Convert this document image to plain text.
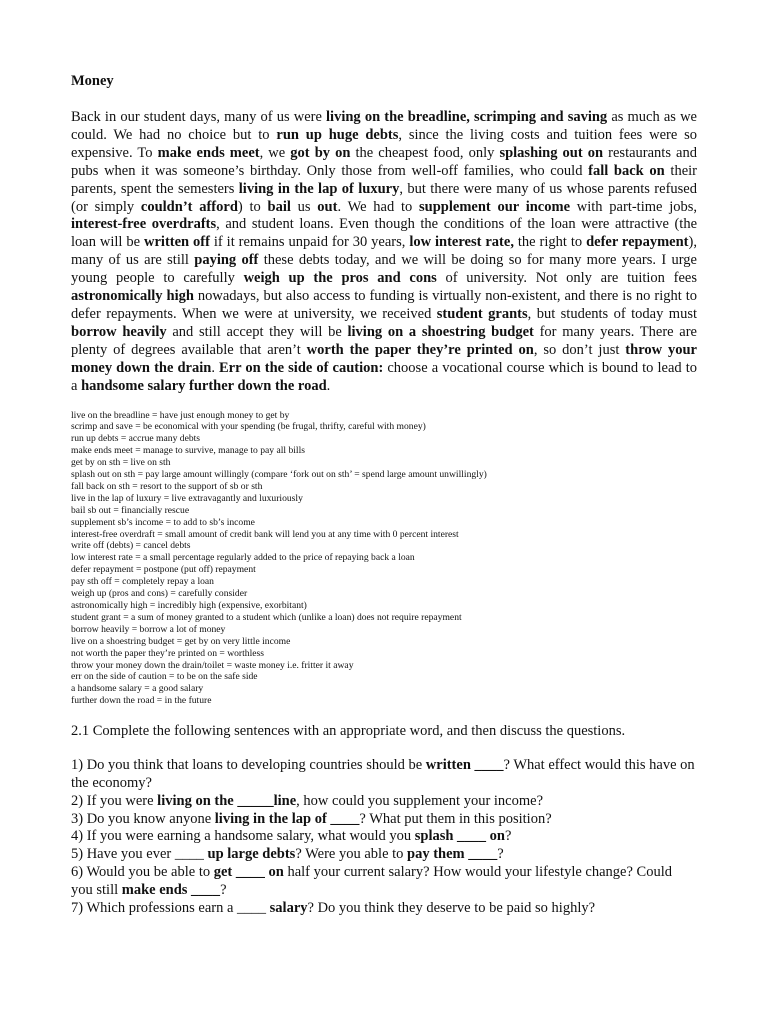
Money

Back in our student days, many of us were living on the breadline, scrimping and saving as much as we could. We had no choice but to run up huge debts, since the living costs and tuition fees were so expensive. To make ends meet, we got by on the cheapest food, only splashing out on restaurants and pubs when it was someone’s birthday. Only those from well-off families, who could fall back on their parents, spent the semesters living in the lap of luxury, but there were many of us whose parents refused (or simply couldn’t afford) to bail us out. We had to supplement our income with part-time jobs, interest-free overdrafts, and student loans. Even though the conditions of the loan were attractive (the loan will be written off if it remains unpaid for 30 years, low interest rate, the right to defer repayment), many of us are still paying off these debts today, and we will be doing so for many more years. I urge young people to carefully weigh up the pros and cons of university. Not only are tuition fees astronomically high nowadays, but also access to funding is virtually non-existent, and there is no right to defer repayments. When we were at university, we received student grants, but students of today must borrow heavily and still accept they will be living on a shoestring budget for many years. There are plenty of degrees available that aren’t worth the paper they’re printed on, so don’t just throw your money down the drain. Err on the side of caution: choose a vocational course which is bound to lead to a handsome salary further down the road.

live on the breadline = have just enough money to get by
scrimp and save = be economical with your spending (be frugal, thrifty, careful with money)
run up debts = accrue many debts
make ends meet = manage to survive, manage to pay all bills
get by on sth = live on sth
splash out on sth = pay large amount willingly (compare ‘fork out on sth’ = spend large amount unwillingly)
fall back on sth = resort to the support of sb or sth
live in the lap of luxury = live extravagantly and luxuriously
bail sb out = financially rescue
supplement sb’s income = to add to sb’s income
interest-free overdraft = small amount of credit bank will lend you at any time with 0 percent interest
write off (debts) = cancel debts
low interest rate = a small percentage regularly added to the price of repaying back a loan
defer repayment = postpone (put off) repayment
pay sth off = completely repay a loan
weigh up (pros and cons) = carefully consider
astronomically high = incredibly high (expensive, exorbitant)
student grant = a sum of money granted to a student which (unlike a loan) does not require repayment
borrow heavily = borrow a lot of money
live on a shoestring budget = get by on very little income
not worth the paper they’re printed on = worthless
throw your money down the drain/toilet = waste money i.e. fritter it away
err on the side of caution = to be on the safe side
a handsome salary = a good salary
further down the road = in the future
2.1 Complete the following sentences with an appropriate word, and then discuss the questions.
1) Do you think that loans to developing countries should be written ____? What effect would this have on the economy?
2) If you were living on the _____line, how could you supplement your income?
3) Do you know anyone living in the lap of ____? What put them in this position?
4) If you were earning a handsome salary, what would you splash ____ on?
5) Have you ever ____ up large debts? Were you able to pay them ____?
6) Would you be able to get ____ on half your current salary? How would your lifestyle change? Could you still make ends ____?
7) Which professions earn a ____ salary? Do you think they deserve to be paid so highly?
